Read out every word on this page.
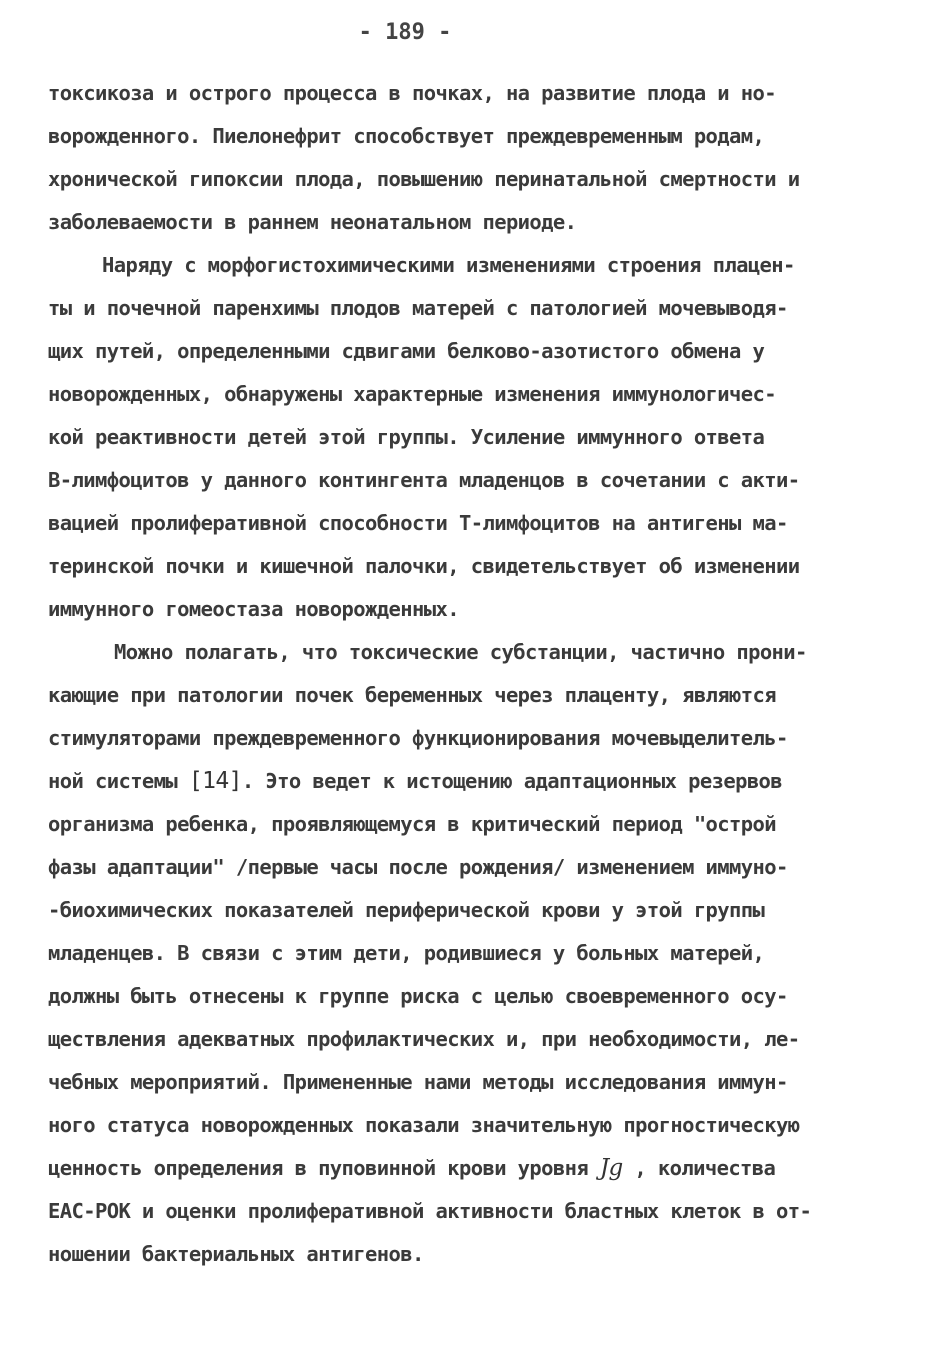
- 189 -
токсикоза и острого процесса в почках, на развитие плода и но-
ворожденного. Пиелонефрит способствует преждевременным родам,
хронической гипоксии плода, повышению перинатальной смертности и
заболеваемости в раннем неонатальном периоде.
Наряду с морфогистохимическими изменениями строения плацен-
ты и почечной паренхимы плодов матерей с патологией мочевыводя-
щих путей, определенными сдвигами белково-азотистого обмена у
новорожденных, обнаружены характерные изменения иммунологичес-
кой реактивности детей этой группы. Усиление иммунного ответа
В-лимфоцитов у данного контингента младенцов в сочетании с акти-
вацией пролиферативной способности Т-лимфоцитов на антигены ма-
теринской почки и кишечной палочки, свидетельствует об изменении
иммунного гомеостаза новорожденных.
Можно полагать, что токсические субстанции, частично прони-
кающие при патологии почек беременных через плаценту, являются
стимуляторами преждевременного функционирования мочевыделитель-
ной системы [14]. Это ведет к истощению адаптационных резервов
организма ребенка, проявляющемуся в критический период "острой
фазы адаптации" /первые часы после рождения/ изменением иммуно-
-биохимических показателей периферической крови у этой группы
младенцев. В связи с этим дети, родившиеся у больных матерей,
должны быть отнесены к группе риска с целью своевременного осу-
ществления адекватных профилактических и, при необходимости, ле-
чебных мероприятий. Примененные нами методы исследования иммун-
ного статуса новорожденных показали значительную прогностическую
ценность определения в пуповинной крови уровня Jg , количества
ЕАС-РОК и оценки пролиферативной активности бластных клеток в от-
ношении бактериальных антигенов.
